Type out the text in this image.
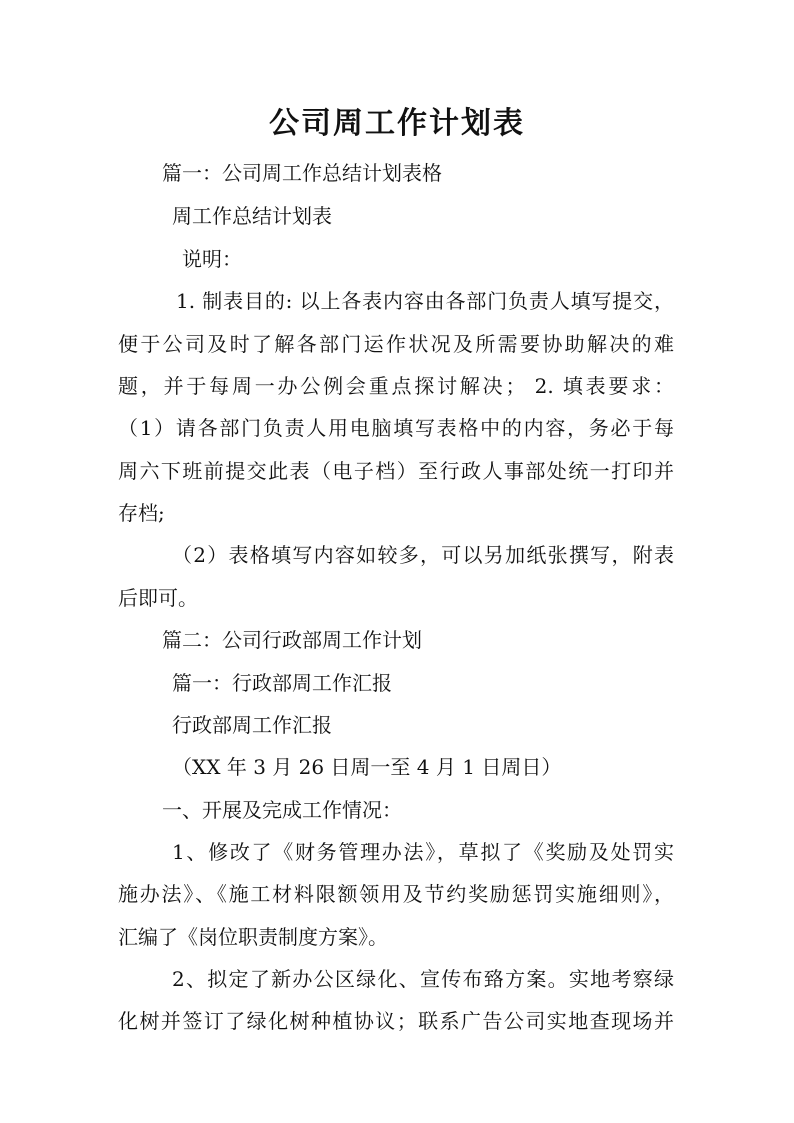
公司周工作计划表
篇一：公司周工作总结计划表格
周工作总结计划表
说明：
1. 制表目的: 以上各表内容由各部门负责人填写提交，
便于公司及时了解各部门运作状况及所需要协助解决的难
题，并于每周一办公例会重点探讨解决； 2. 填表要求：
（1）请各部门负责人用电脑填写表格中的内容，务必于每
周六下班前提交此表（电子档）至行政人事部处统一打印并
存档;
（2）表格填写内容如较多，可以另加纸张撰写，附表
后即可。
篇二：公司行政部周工作计划
篇一：行政部周工作汇报
行政部周工作汇报
（XX 年 3 月 26 日周一至 4 月 1 日周日）
一、开展及完成工作情况：
1、修改了《财务管理办法》，草拟了《奖励及处罚实
施办法》、《施工材料限额领用及节约奖励惩罚实施细则》，
汇编了《岗位职责制度方案》。
2、拟定了新办公区绿化、宣传布臵方案。实地考察绿
化树并签订了绿化树种植协议；联系广告公司实地查现场并
